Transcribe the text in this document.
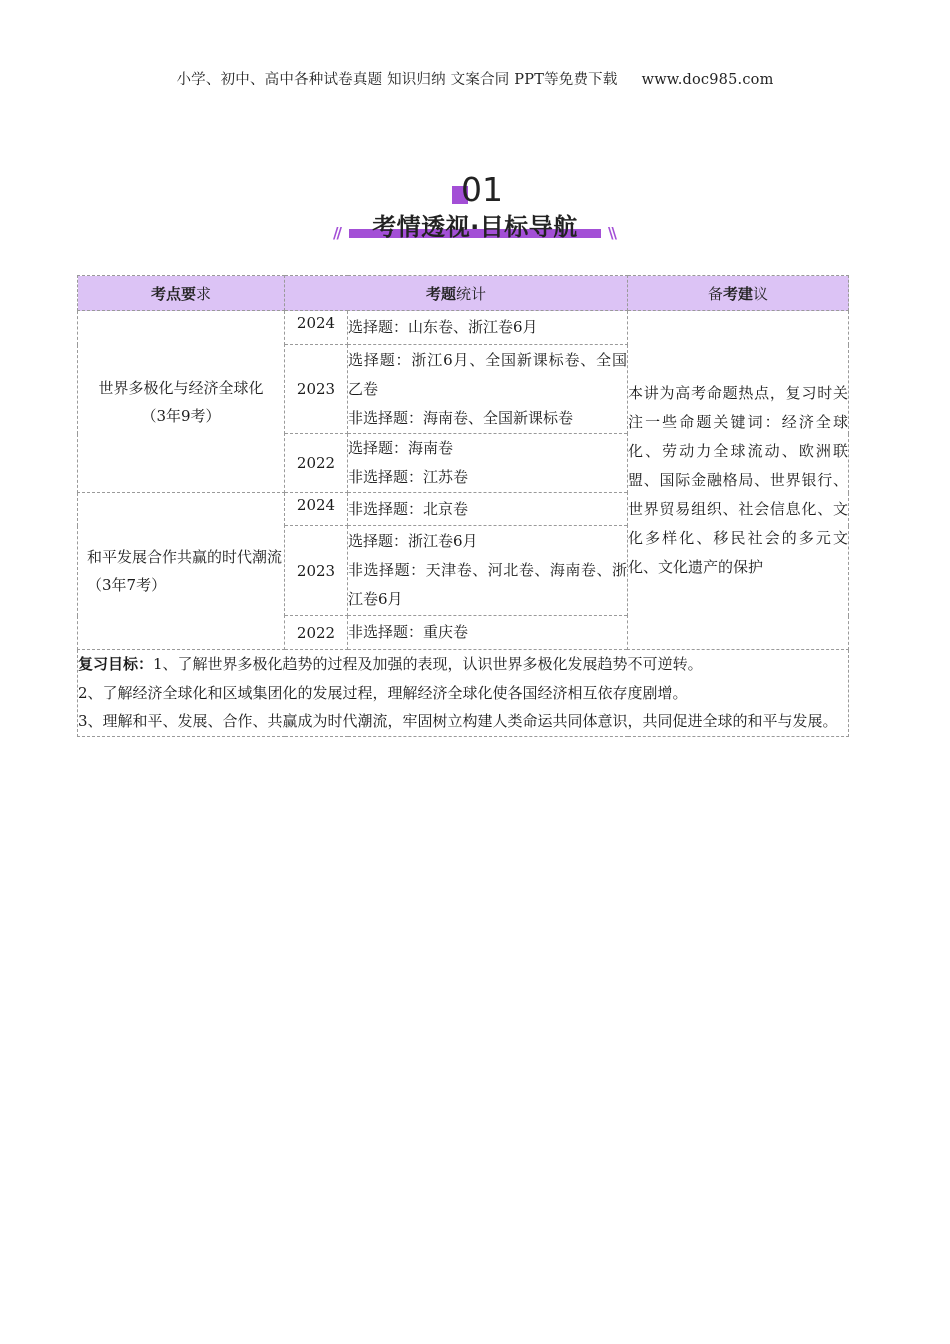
小学、初中、高中各种试卷真题 知识归纳 文案合同 PPT等免费下载 www.doc985.com
01
//	考情透视·目标导航	\\
考点要求	考题统计		备考建议
世界多极化与经济全球化
（3年9考）	2024	选择题：山东卷、浙江卷6月	本讲为高考命题热点，复习时关注一些命题关键词：经济全球化、劳动力全球流动、欧洲联盟、国际金融格局、世界银行、世界贸易组织、社会信息化、文化多样化、移民社会的多元文化、文化遗产的保护
	2023	选择题：浙江6月、全国新课标卷、全国乙卷
非选择题：海南卷、全国新课标卷	

	2022	选择题：海南卷
非选择题：江苏卷	

和平发展合作共赢的时代潮流（3年7考）	2024	非选择题：北京卷	

	2023	选择题：浙江卷6月
非选择题：天津卷、河北卷、海南卷、浙江卷6月	

	2022	非选择题：重庆卷	

复习目标：1、了解世界多极化趋势的过程及加强的表现，认识世界多极化发展趋势不可逆转。
2、了解经济全球化和区域集团化的发展过程，理解经济全球化使各国经济相互依存度剧增。
3、理解和平、发展、合作、共赢成为时代潮流，牢固树立构建人类命运共同体意识，共同促进全球的和平与发展。			
